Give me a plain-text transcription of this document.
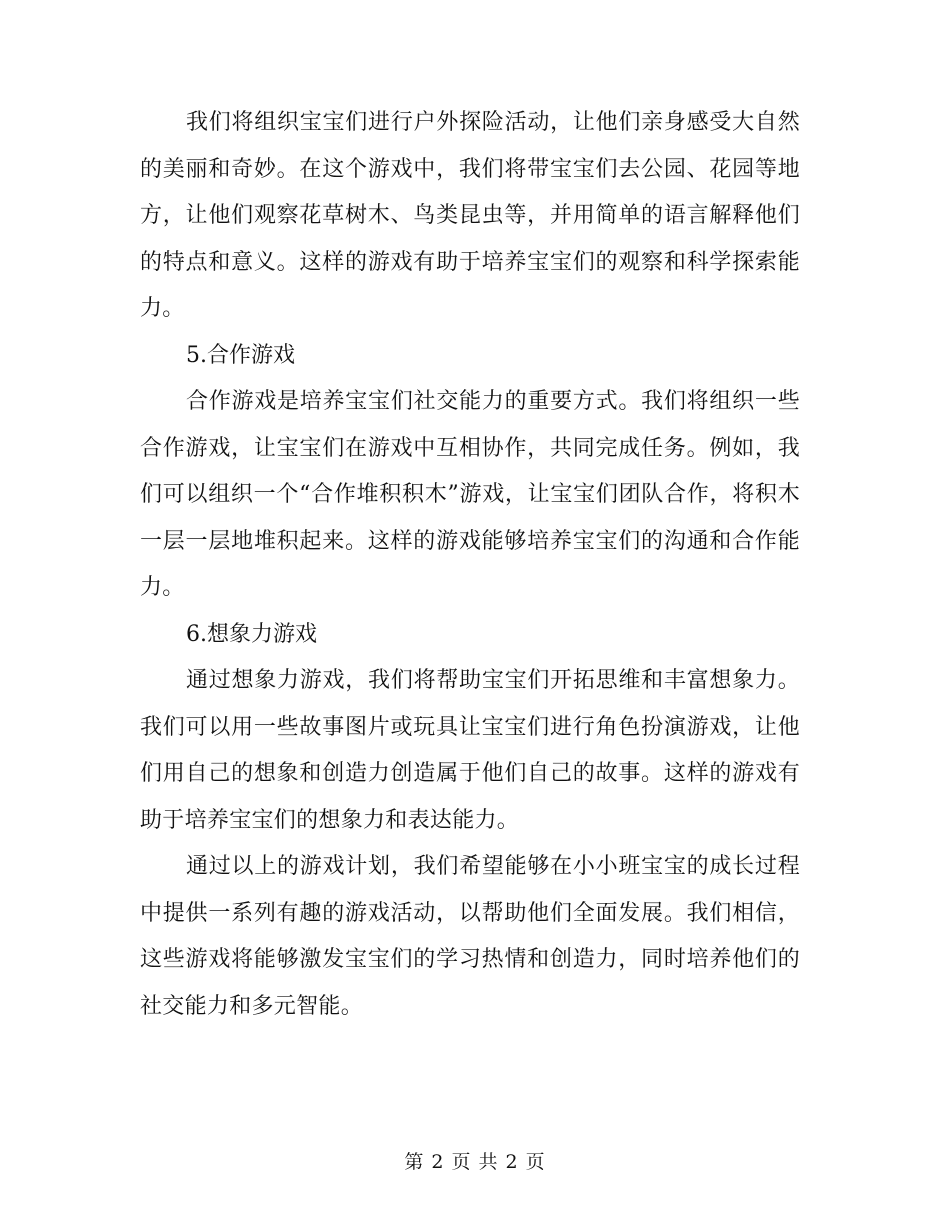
我们将组织宝宝们进行户外探险活动，让他们亲身感受大自然的美丽和奇妙。在这个游戏中，我们将带宝宝们去公园、花园等地方，让他们观察花草树木、鸟类昆虫等，并用简单的语言解释他们的特点和意义。这样的游戏有助于培养宝宝们的观察和科学探索能力。

5.合作游戏

合作游戏是培养宝宝们社交能力的重要方式。我们将组织一些合作游戏，让宝宝们在游戏中互相协作，共同完成任务。例如，我们可以组织一个“合作堆积积木”游戏，让宝宝们团队合作，将积木一层一层地堆积起来。这样的游戏能够培养宝宝们的沟通和合作能力。

6.想象力游戏

通过想象力游戏，我们将帮助宝宝们开拓思维和丰富想象力。我们可以用一些故事图片或玩具让宝宝们进行角色扮演游戏，让他们用自己的想象和创造力创造属于他们自己的故事。这样的游戏有助于培养宝宝们的想象力和表达能力。

通过以上的游戏计划，我们希望能够在小小班宝宝的成长过程中提供一系列有趣的游戏活动，以帮助他们全面发展。我们相信，这些游戏将能够激发宝宝们的学习热情和创造力，同时培养他们的社交能力和多元智能。

第 2 页 共 2 页
